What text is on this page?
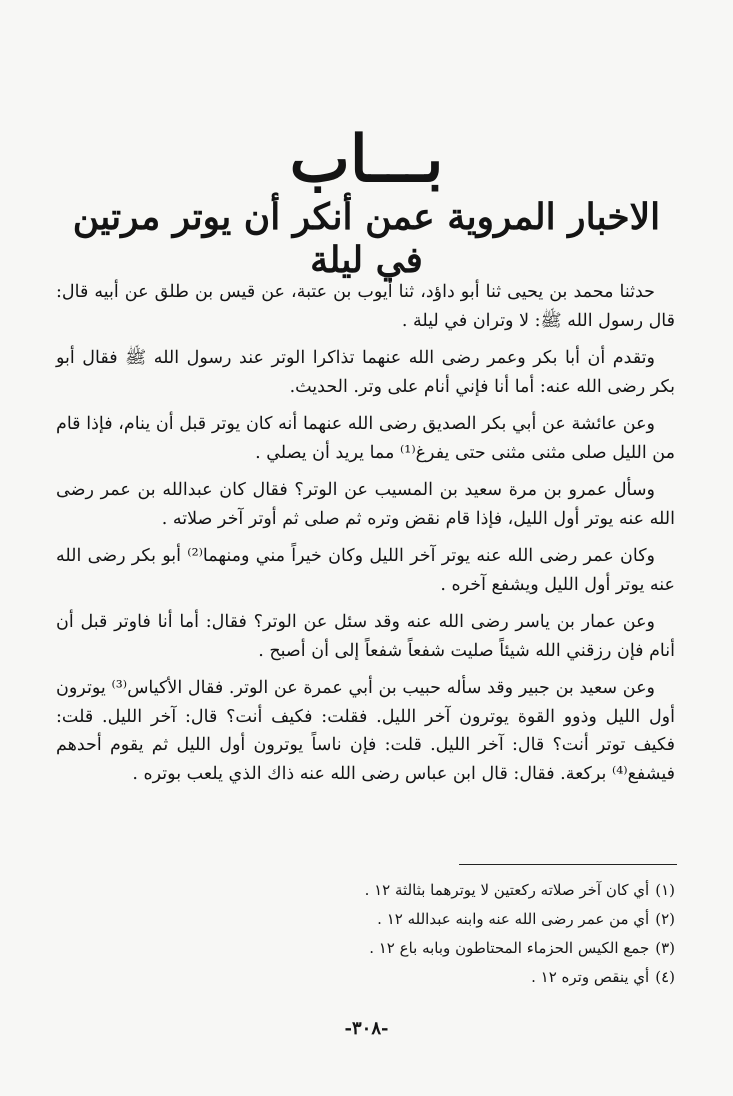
بـــاب
الاخبار المروية عمن أنكر أن يوتر مرتين في ليلة

حدثنا محمد بن يحيى ثنا أبو داؤد، ثنا أيوب بن عتبة، عن قيس بن طلق عن أبيه قال: قال رسول الله ﷺ: لا وتران في ليلة .

وتقدم أن أبا بكر وعمر رضى الله عنهما تذاكرا الوتر عند رسول الله ﷺ فقال أبو بكر رضى الله عنه: أما أنا فإني أنام على وتر. الحديث.

وعن عائشة عن أبي بكر الصديق رضى الله عنهما أنه كان يوتر قبل أن ينام، فإذا قام من الليل صلى مثنى مثنى حتى يفرغ⁽¹⁾ مما يريد أن يصلي .

وسأل عمرو بن مرة سعيد بن المسيب عن الوتر؟ فقال كان عبدالله بن عمر رضى الله عنه يوتر أول الليل، فإذا قام نقض وتره ثم صلى ثم أوتر آخر صلاته .

وكان عمر رضى الله عنه يوتر آخر الليل وكان خيراً مني ومنهما⁽²⁾ أبو بكر رضى الله عنه يوتر أول الليل ويشفع آخره .

وعن عمار بن ياسر رضى الله عنه وقد سئل عن الوتر؟ فقال: أما أنا فاوتر قبل أن أنام فإن رزقني الله شيئاً صليت شفعاً شفعاً إلى أن أصبح .

وعن سعيد بن جبير وقد سأله حبيب بن أبي عمرة عن الوتر. فقال الأكياس⁽³⁾ يوترون أول الليل وذوو القوة يوترون آخر الليل. فقلت: فكيف أنت؟ قال: آخر الليل. قلت: فكيف توتر أنت؟ قال: آخر الليل. قلت: فإن ناساً يوترون أول الليل ثم يقوم أحدهم فيشفع⁽⁴⁾ بركعة. فقال: قال ابن عباس رضى الله عنه ذاك الذي يلعب بوتره .

(١)أي كان آخر صلاته ركعتين لا يوترهما بثالثة ١٢ .
(٢)أي من عمر رضى الله عنه وابنه عبدالله ١٢ .
(٣)جمع الكيس الحزماء المحتاطون وبابه باع ١٢ .
(٤)أي ينقص وتره ١٢ .
-٣٠٨-
